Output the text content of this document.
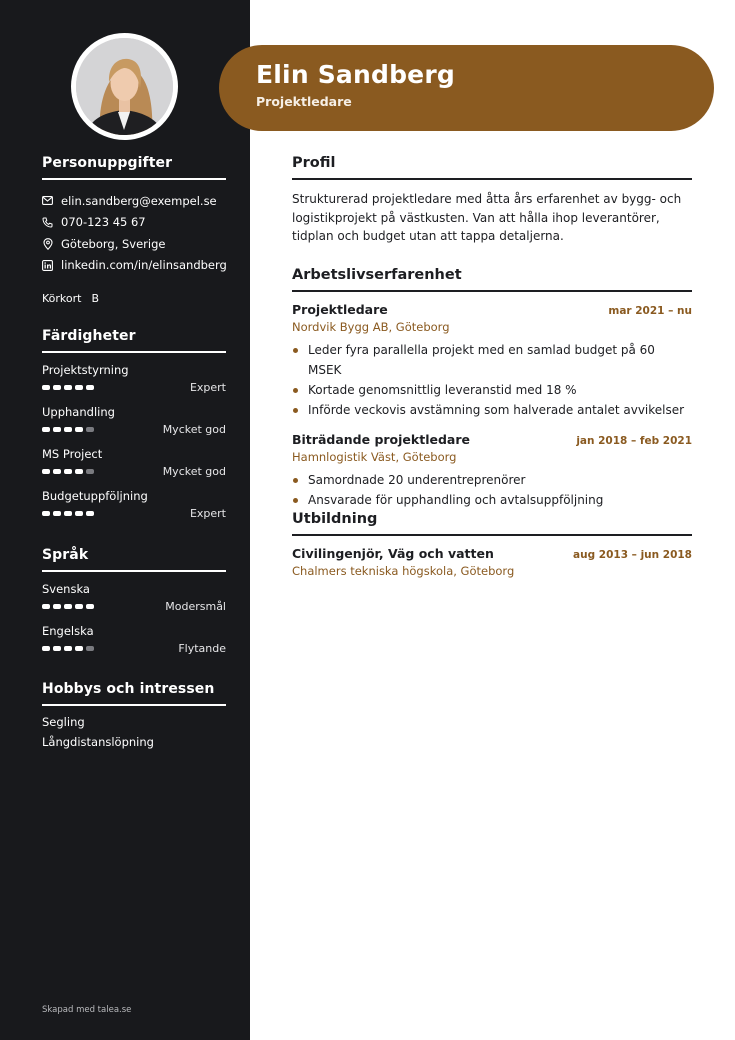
Personuppgifter
elin.sandberg@exempel.se
070-123 45 67
Göteborg, Sverige
linkedin.com/in/elinsandberg
Körkort B
Färdigheter
Projektstyrning
Expert
Upphandling
Mycket god
MS Project
Mycket god
Budgetuppföljning
Expert
Språk
Svenska
Modersmål
Engelska
Flytande
Hobbys och intressen
Segling
Långdistanslöpning
Skapad med talea.se
Elin Sandberg
Projektledare
Profil

Strukturerad projektledare med åtta års erfarenhet av bygg- och logistikprojekt på västkusten. Van att hålla ihop leverantörer, tidplan och budget utan att tappa detaljerna.

Arbetslivserfarenhet
Projektledare	mar 2021 – nu
Nordvik Bygg AB, Göteborg
Leder fyra parallella projekt med en samlad budget på 60 MSEK
Kortade genomsnittlig leveranstid med 18 %
Införde veckovis avstämning som halverade antalet avvikelser
Biträdande projektledare	jan 2018 – feb 2021
Hamnlogistik Väst, Göteborg
Samordnade 20 underentreprenörer
Ansvarade för upphandling och avtalsuppföljning
Utbildning
Civilingenjör, Väg och vatten	aug 2013 – jun 2018
Chalmers tekniska högskola, Göteborg
